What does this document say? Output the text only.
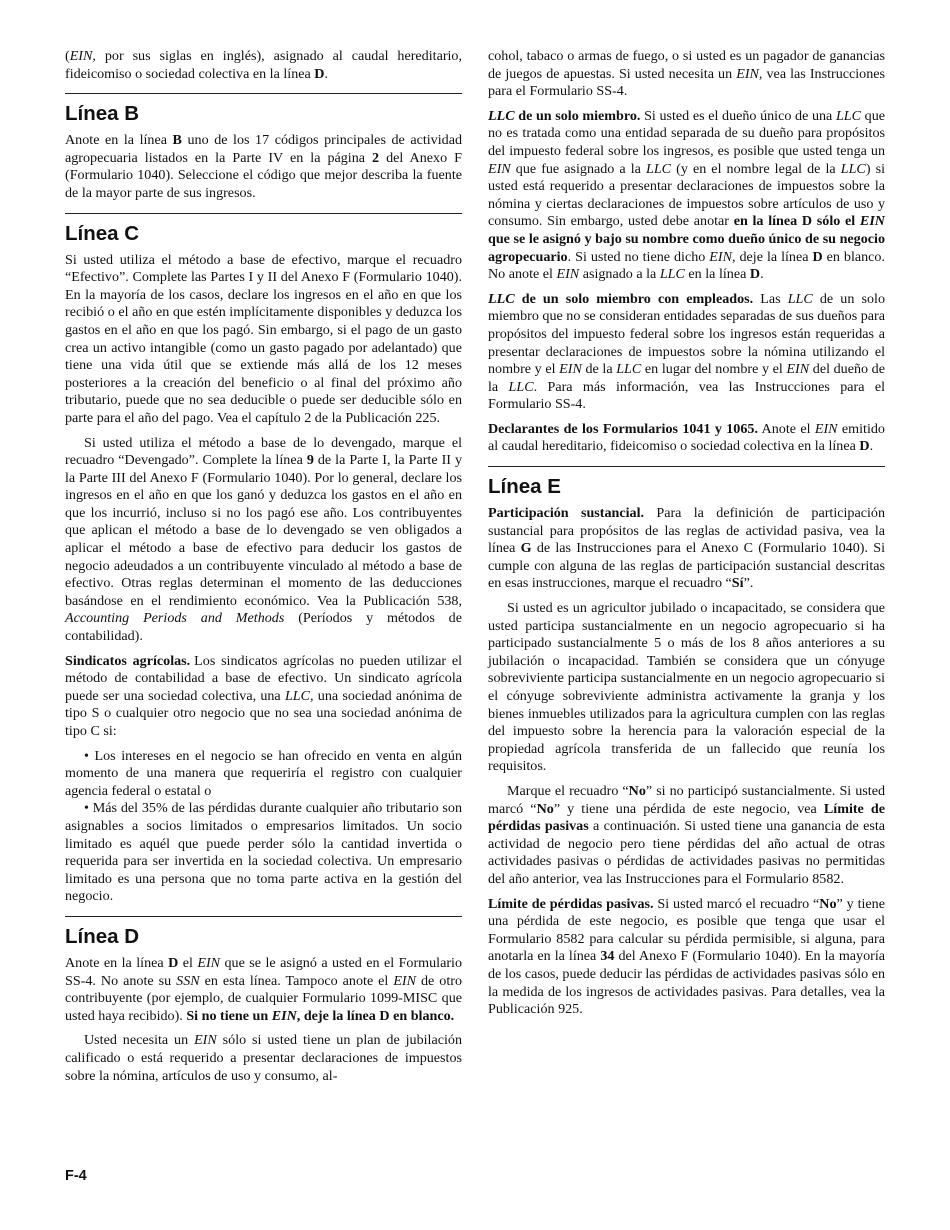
(EIN, por sus siglas en inglés), asignado al caudal hereditario, fideicomiso o sociedad colectiva en la línea D.

Línea B

Anote en la línea B uno de los 17 códigos principales de actividad agropecuaria listados en la Parte IV en la página 2 del Anexo F (Formulario 1040). Seleccione el código que mejor describa la fuente de la mayor parte de sus ingresos.

Línea C

Si usted utiliza el método a base de efectivo, marque el recuadro “Efectivo”. Complete las Partes I y II del Anexo F (Formulario 1040). En la mayoría de los casos, declare los ingresos en el año en que los recibió o el año en que estén implícitamente disponibles y deduzca los gastos en el año en que los pagó. Sin embargo, si el pago de un gasto crea un activo intangible (como un gasto pagado por adelantado) que tiene una vida útil que se extiende más allá de los 12 meses posteriores a la creación del beneficio o al final del próximo año tributario, puede que no sea deducible o puede ser deducible sólo en parte para el año del pago. Vea el capítulo 2 de la Publicación 225.

Si usted utiliza el método a base de lo devengado, marque el recuadro “Devengado”. Complete la línea 9 de la Parte I, la Parte II y la Parte III del Anexo F (Formulario 1040). Por lo general, declare los ingresos en el año en que los ganó y deduzca los gastos en el año en que los incurrió, incluso si no los pagó ese año. Los contribuyentes que aplican el método a base de lo devengado se ven obligados a aplicar el método a base de efectivo para deducir los gastos de negocio adeudados a un contribuyente vinculado al método a base de efectivo. Otras reglas determinan el momento de las deducciones basándose en el rendimiento económico. Vea la Publicación 538, Accounting Periods and Methods (Períodos y métodos de contabilidad).

Sindicatos agrícolas. Los sindicatos agrícolas no pueden utilizar el método de contabilidad a base de efectivo. Un sindicato agrícola puede ser una sociedad colectiva, una LLC, una sociedad anónima de tipo S o cualquier otro negocio que no sea una sociedad anónima de tipo C si:

• Los intereses en el negocio se han ofrecido en venta en algún momento de una manera que requeriría el registro con cualquier agencia federal o estatal o

• Más del 35% de las pérdidas durante cualquier año tributario son asignables a socios limitados o empresarios limitados. Un socio limitado es aquél que puede perder sólo la cantidad invertida o requerida para ser invertida en la sociedad colectiva. Un empresario limitado es una persona que no toma parte activa en la gestión del negocio.

Línea D

Anote en la línea D el EIN que se le asignó a usted en el Formulario SS-4. No anote su SSN en esta línea. Tampoco anote el EIN de otro contribuyente (por ejemplo, de cualquier Formulario 1099-MISC que usted haya recibido). Si no tiene un EIN, deje la línea D en blanco.

Usted necesita un EIN sólo si usted tiene un plan de jubilación calificado o está requerido a presentar declaraciones de impuestos sobre la nómina, artículos de uso y consumo, al-

cohol, tabaco o armas de fuego, o si usted es un pagador de ganancias de juegos de apuestas. Si usted necesita un EIN, vea las Instrucciones para el Formulario SS-4.

LLC de un solo miembro. Si usted es el dueño único de una LLC que no es tratada como una entidad separada de su dueño para propósitos del impuesto federal sobre los ingresos, es posible que usted tenga un EIN que fue asignado a la LLC (y en el nombre legal de la LLC) si usted está requerido a presentar declaraciones de impuestos sobre la nómina y ciertas declaraciones de impuestos sobre artículos de uso y consumo. Sin embargo, usted debe anotar en la línea D sólo el EIN que se le asignó y bajo su nombre como dueño único de su negocio agropecuario. Si usted no tiene dicho EIN, deje la línea D en blanco. No anote el EIN asignado a la LLC en la línea D.

LLC de un solo miembro con empleados. Las LLC de un solo miembro que no se consideran entidades separadas de sus dueños para propósitos del impuesto federal sobre los ingresos están requeridas a presentar declaraciones de impuestos sobre la nómina utilizando el nombre y el EIN de la LLC en lugar del nombre y el EIN del dueño de la LLC. Para más información, vea las Instrucciones para el Formulario SS-4.

Declarantes de los Formularios 1041 y 1065. Anote el EIN emitido al caudal hereditario, fideicomiso o sociedad colectiva en la línea D.

Línea E

Participación sustancial. Para la definición de participación sustancial para propósitos de las reglas de actividad pasiva, vea la línea G de las Instrucciones para el Anexo C (Formulario 1040). Si cumple con alguna de las reglas de participación sustancial descritas en esas instrucciones, marque el recuadro “Sí”.

Si usted es un agricultor jubilado o incapacitado, se considera que usted participa sustancialmente en un negocio agropecuario si ha participado sustancialmente 5 o más de los 8 años anteriores a su jubilación o incapacidad. También se considera que un cónyuge sobreviviente participa sustancialmente en un negocio agropecuario si el cónyuge sobreviviente administra activamente la granja y los bienes inmuebles utilizados para la agricultura cumplen con las reglas del impuesto sobre la herencia para la valoración especial de la propiedad agrícola transferida de un fallecido que reunía los requisitos.

Marque el recuadro “No” si no participó sustancialmente. Si usted marcó “No” y tiene una pérdida de este negocio, vea Límite de pérdidas pasivas a continuación. Si usted tiene una ganancia de esta actividad de negocio pero tiene pérdidas del año actual de otras actividades pasivas o pérdidas de actividades pasivas no permitidas del año anterior, vea las Instrucciones para el Formulario 8582.

Límite de pérdidas pasivas. Si usted marcó el recuadro “No” y tiene una pérdida de este negocio, es posible que tenga que usar el Formulario 8582 para calcular su pérdida permisible, si alguna, para anotarla en la línea 34 del Anexo F (Formulario 1040). En la mayoría de los casos, puede deducir las pérdidas de actividades pasivas sólo en la medida de los ingresos de actividades pasivas. Para detalles, vea la Publicación 925.

F-4
